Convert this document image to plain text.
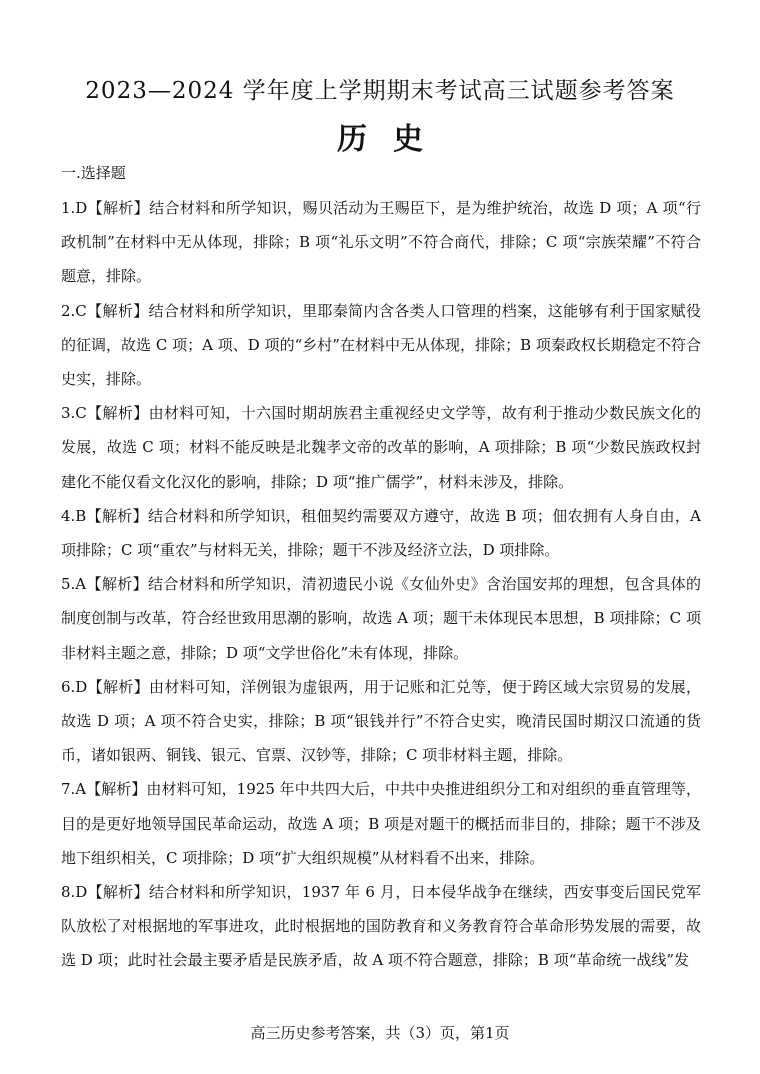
2023—2024 学年度上学期期末考试高三试题参考答案
历史
一.选择题

1.D【解析】结合材料和所学知识，赐贝活动为王赐臣下，是为维护统治，故选 D 项；A 项“行政机制”在材料中无从体现，排除；B 项“礼乐文明”不符合商代，排除；C 项“宗族荣耀”不符合题意，排除。

2.C【解析】结合材料和所学知识，里耶秦简内含各类人口管理的档案，这能够有利于国家赋役的征调，故选 C 项；A 项、D 项的“乡村”在材料中无从体现，排除；B 项秦政权长期稳定不符合史实，排除。

3.C【解析】由材料可知，十六国时期胡族君主重视经史文学等，故有利于推动少数民族文化的发展，故选 C 项；材料不能反映是北魏孝文帝的改革的影响，A 项排除；B 项“少数民族政权封建化不能仅看文化汉化的影响，排除；D 项“推广儒学”，材料未涉及，排除。

4.B【解析】结合材料和所学知识，租佃契约需要双方遵守，故选 B 项；佃农拥有人身自由，A 项排除；C 项“重农”与材料无关，排除；题干不涉及经济立法，D 项排除。

5.A【解析】结合材料和所学知识，清初遗民小说《女仙外史》含治国安邦的理想，包含具体的制度创制与改革，符合经世致用思潮的影响，故选 A 项；题干未体现民本思想，B 项排除；C 项非材料主题之意，排除；D 项“文学世俗化”未有体现，排除。

6.D【解析】由材料可知，洋例银为虚银两，用于记账和汇兑等，便于跨区域大宗贸易的发展，故选 D 项；A 项不符合史实，排除；B 项“银钱并行”不符合史实，晚清民国时期汉口流通的货币，诸如银两、铜钱、银元、官票、汉钞等，排除；C 项非材料主题，排除。

7.A【解析】由材料可知，1925 年中共四大后，中共中央推进组织分工和对组织的垂直管理等，目的是更好地领导国民革命运动，故选 A 项；B 项是对题干的概括而非目的，排除；题干不涉及地下组织相关，C 项排除；D 项“扩大组织规模”从材料看不出来，排除。

8.D【解析】结合材料和所学知识，1937 年 6 月，日本侵华战争在继续，西安事变后国民党军队放松了对根据地的军事进攻，此时根据地的国防教育和义务教育符合革命形势发展的需要，故选 D 项；此时社会最主要矛盾是民族矛盾，故 A 项不符合题意，排除；B 项“革命统一战线”发

高三历史参考答案，共（3）页，第1页
